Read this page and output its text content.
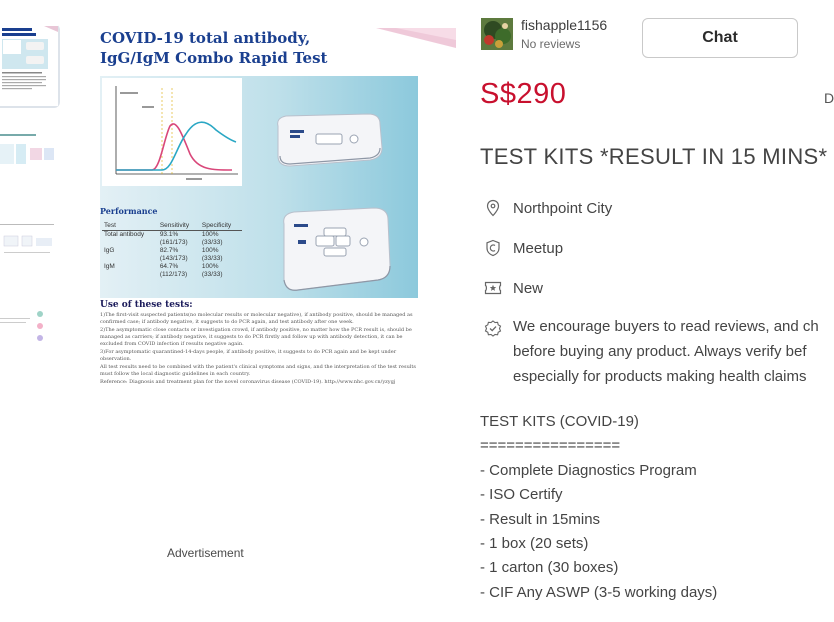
COVID-19 total antibody,
IgG/IgM Combo Rapid Test
Performance
Test	Sensitivity	Specificity
Total antibody	93.1%	100%
	(161/173)	(33/33)
IgG	82.7%	100%
	(143/173)	(33/33)
IgM	64.7%	100%
	(112/173)	(33/33)
Use of these tests:

1)The first-visit suspected patients(no molecular results or molecular negative), if antibody positive, should be managed as confirmed case; if antibody negative, it suggests to do PCR again, and test antibody after one week.

2)The asymptomatic close contacts or investigation crowd, if antibody positive, no matter how the PCR result is, should be managed as carriers; if antibody negative, it suggests to do PCR firstly and follow up with antibody detection, it can be excluded from COVID infection if results negative again.

3)For asymptomatic quarantined-14-days people, if antibody positive, it suggests to do PCR again and be kept under observation.

All test results need to be combined with the patient's clinical symptoms and signs, and the interpretation of the test results must follow the local diagnostic guidelines in each country.

Reference: Diagnosis and treatment plan for the novel coronavirus disease (COVID-19). http://www.nhc.gov.cn/yzygj

Advertisement
fishapple1156
No reviews	Chat
S$290	D
TEST KITS *RESULT IN 15 MINS*
Northpoint City
Meetup
New
We encourage buyers to read reviews, and ch
before buying any product. Always verify bef
especially for products making health claims
TEST KITS (COVID-19)
================
- Complete Diagnostics Program
- ISO Certify
- Result in 15mins
- 1 box (20 sets)
- 1 carton (30 boxes)
- CIF Any ASWP (3-5 working days)
